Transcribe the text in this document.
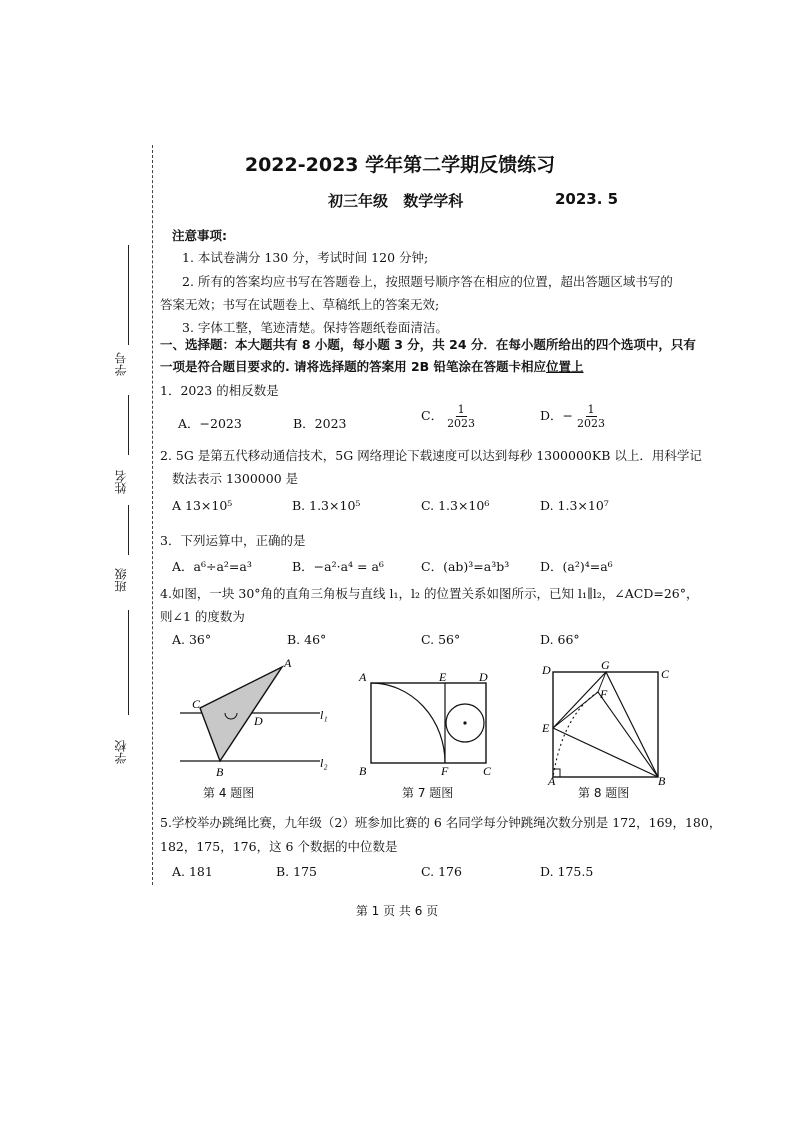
学号
姓名
班级
学校
2022-2023 学年第二学期反馈练习
初三年级 数学学科	2023. 5
注意事项:
1. 本试卷满分 130 分，考试时间 120 分钟;
2. 所有的答案均应书写在答题卷上，按照题号顺序答在相应的位置，超出答题区域书写的
答案无效；书写在试题卷上、草稿纸上的答案无效;
3. 字体工整，笔迹清楚。保持答题纸卷面清洁。
一、选择题：本大题共有 8 小题，每小题 3 分，共 24 分．在每小题所给出的四个选项中，只有
一项是符合题目要求的. 请将选择题的答案用 2B 铅笔涂在答题卡相应位置上
1．2023 的相反数是
A．−2023	B．2023
C． $\frac{1}{2023}$	D．− $\frac{1}{2023}$
2. 5G 是第五代移动通信技术，5G 网络理论下载速度可以达到每秒 1300000KB 以上．用科学记
数法表示 1300000 是
A 13×10⁵	B. 1.3×10⁵	C. 1.3×10⁶	D. 1.3×10⁷
3．下列运算中，正确的是
A．a⁶÷a²=a³	B．−a²·a⁴ = a⁶	C．(ab)³=a³b³ D．(a²)⁴=a⁶
4.如图，一块 30°角的直角三角板与直线 l₁，l₂ 的位置关系如图所示，已知 l₁∥l₂，∠ACD=26°，
则∠1 的度数为
A. 36°	B. 46°	C. 56°	D. 66°
A
C
D
B
l₁
l₂
第 4 题图
A	E	D
B	F	C
第 7 题图
D	G
C
F
E
A	B
第 8 题图
5.学校举办跳绳比赛，九年级（2）班参加比赛的 6 名同学每分钟跳绳次数分别是 172，169，180，
182，175，176，这 6 个数据的中位数是
A. 181	B. 175	C. 176	D. 175.5
第 1 页 共 6 页
